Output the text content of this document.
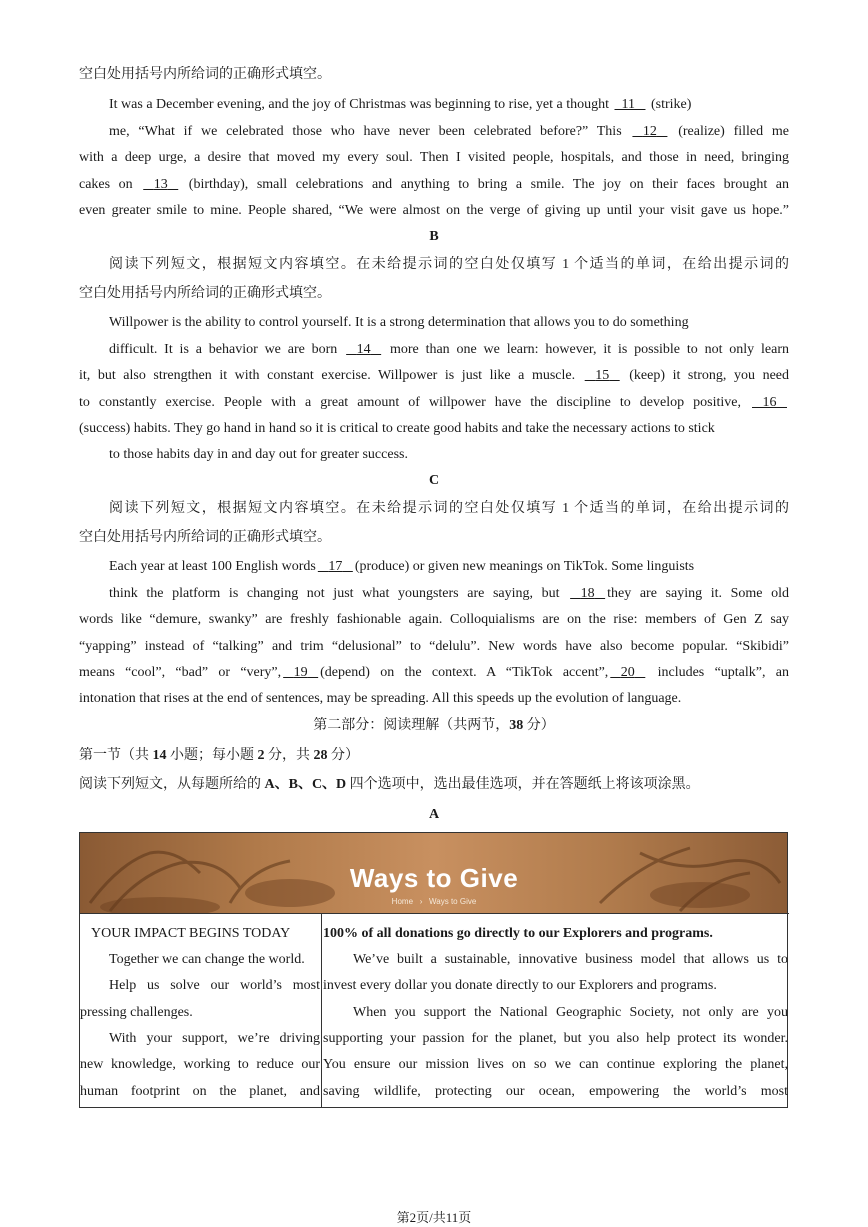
空白处用括号内所给词的正确形式填空。
It was a December evening, and the joy of Christmas was beginning to rise, yet a thought   11    (strike)
me, “What if we celebrated those who have never been celebrated before?” This    12    (realize) filled me
with a deep urge, a desire that moved my every soul. Then I visited people, hospitals, and those in need, bringing
cakes on    13    (birthday), small celebrations and anything to bring a smile. The joy on their faces brought an
even greater smile to mine. People shared, “We were almost on the verge of giving up until your visit gave us hope.”
B
阅读下列短文，根据短文内容填空。在未给提示词的空白处仅填写 1 个适当的单词，在给出提示词的
空白处用括号内所给词的正确形式填空。
Willpower is the ability to control yourself. It is a strong determination that allows you to do something
difficult. It is a behavior we are born    14    more than one we learn: however, it is possible to not only learn
it, but also strengthen it with constant exercise. Willpower is just like a muscle.    15    (keep) it strong, you need
to constantly exercise. People with a great amount of willpower have the discipline to develop positive,    16
(success) habits. They go hand in hand so it is critical to create good habits and take the necessary actions to stick
to those habits day in and day out for greater success.
C
阅读下列短文，根据短文内容填空。在未给提示词的空白处仅填写 1 个适当的单词，在给出提示词的
空白处用括号内所给词的正确形式填空。
Each year at least 100 English words 17 (produce) or given new meanings on TikTok. Some linguists
think the platform is changing not just what youngsters are saying, but    18 they are saying it. Some old
words like “demure, swanky” are freshly fashionable again. Colloquialisms are on the rise: members of Gen Z say
“yapping” instead of “talking” and trim “delusional” to “delulu”. New words have also become popular. “Skibidi”
means “cool”, “bad” or “very”, 19 (depend) on the context. A “TikTok accent”, 20    includes “uptalk”, an
intonation that rises at the end of sentences, may be spreading. All this speeds up the evolution of language.
第二部分：阅读理解（共两节，38 分）
第一节（共 14 小题；每小题 2 分，共 28 分）
阅读下列短文，从每题所给的 A、B、C、D 四个选项中，选出最佳选项，并在答题纸上将该项涂黑。
A
Ways to Give
Home › Ways to Give
YOUR IMPACT BEGINS TODAY
Together we can change the world.
Help us solve our world’s most
pressing challenges.
With your support, we’re driving
new knowledge, working to reduce our
human footprint on the planet, and
100% of all donations go directly to our Explorers and programs.
We’ve built a sustainable, innovative business model that allows us to
invest every dollar you donate directly to our Explorers and programs.
When you support the National Geographic Society, not only are you
supporting your passion for the planet, but you also help protect its wonder.
You ensure our mission lives on so we can continue exploring the planet,
saving wildlife, protecting our ocean, empowering the world’s most
第2页/共11页
